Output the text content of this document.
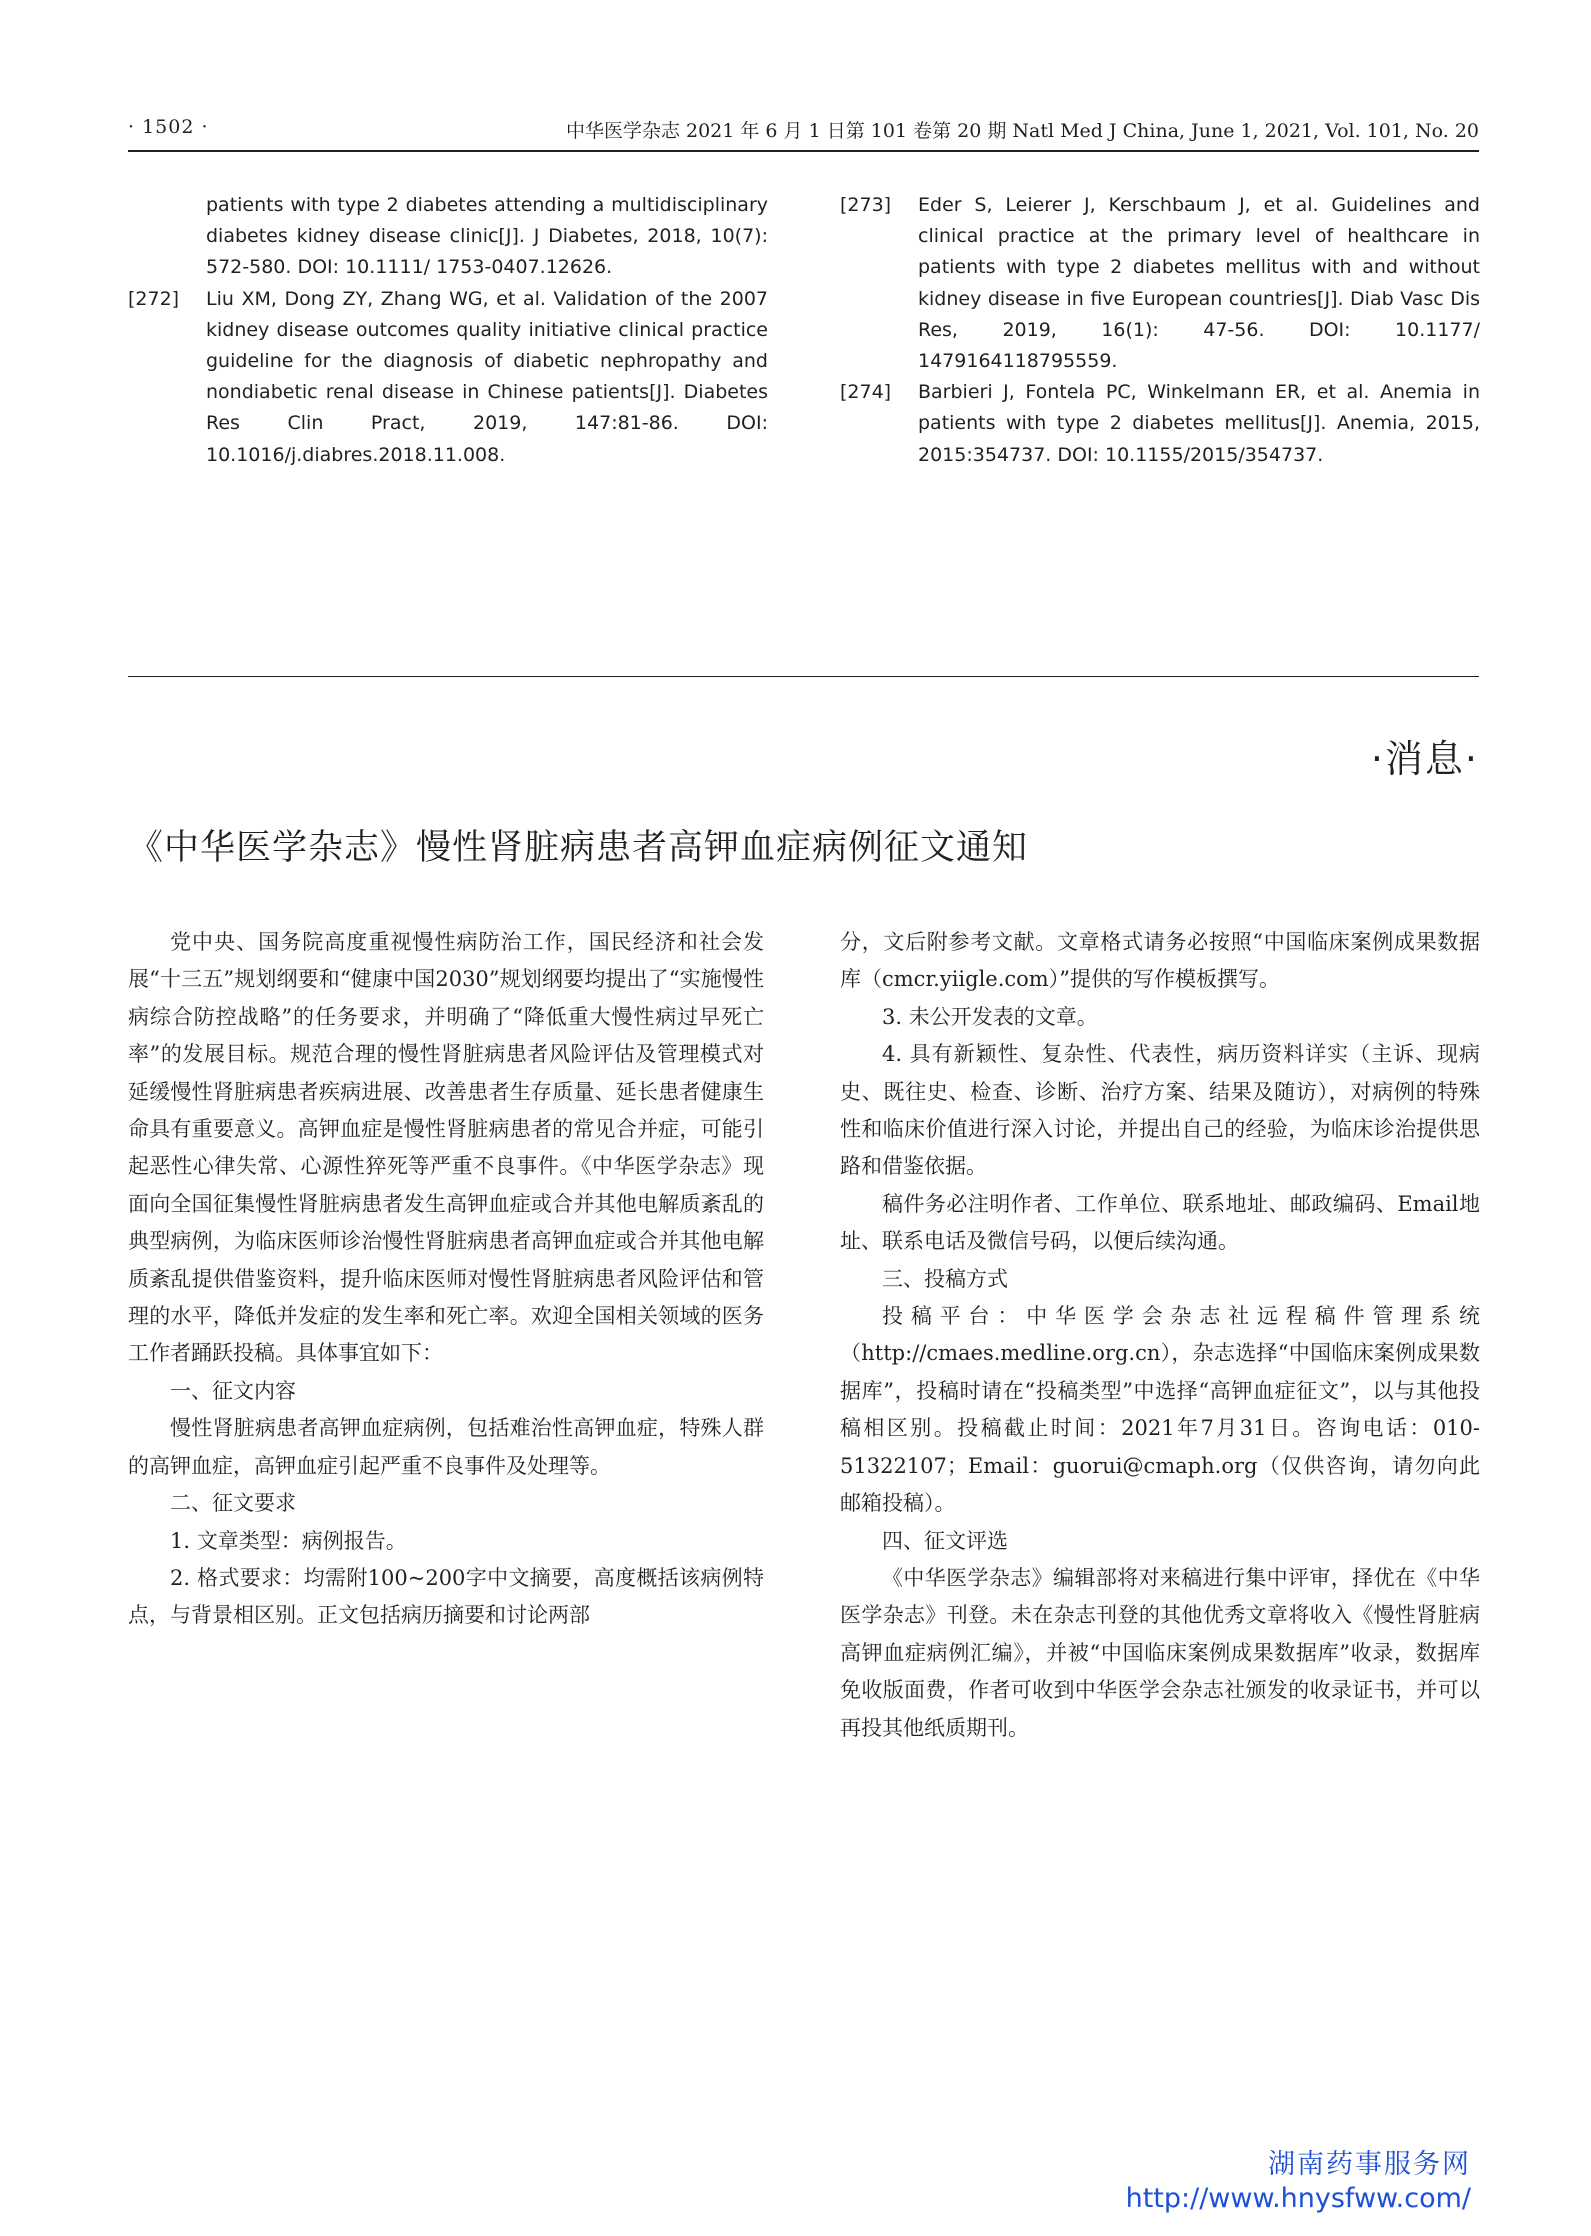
· 1502 ·	中华医学杂志 2021 年 6 月 1 日第 101 卷第 20 期 Natl Med J China, June 1, 2021, Vol. 101, No. 20

patients with type 2 diabetes attending a multidisciplinary diabetes kidney disease clinic[J]. J Diabetes, 2018, 10(7): 572-580. DOI: 10.1111/ 1753-0407.12626.

[272] Liu XM, Dong ZY, Zhang WG, et al. Validation of the 2007 kidney disease outcomes quality initiative clinical practice guideline for the diagnosis of diabetic nephropathy and nondiabetic renal disease in Chinese patients[J]. Diabetes Res Clin Pract, 2019, 147:81-86. DOI: 10.1016/j.diabres.2018.11.008.

[273] Eder S, Leierer J, Kerschbaum J, et al. Guidelines and clinical practice at the primary level of healthcare in patients with type 2 diabetes mellitus with and without kidney disease in five European countries[J]. Diab Vasc Dis Res, 2019, 16(1): 47-56. DOI: 10.1177/ 1479164118795559.

[274] Barbieri J, Fontela PC, Winkelmann ER, et al. Anemia in patients with type 2 diabetes mellitus[J]. Anemia, 2015, 2015:354737. DOI: 10.1155/2015/354737.

·消息·
《中华医学杂志》慢性肾脏病患者高钾血症病例征文通知

党中央、国务院高度重视慢性病防治工作，国民经济和社会发展“十三五”规划纲要和“健康中国2030”规划纲要均提出了“实施慢性病综合防控战略”的任务要求，并明确了“降低重大慢性病过早死亡率”的发展目标。规范合理的慢性肾脏病患者风险评估及管理模式对延缓慢性肾脏病患者疾病进展、改善患者生存质量、延长患者健康生命具有重要意义。高钾血症是慢性肾脏病患者的常见合并症，可能引起恶性心律失常、心源性猝死等严重不良事件。《中华医学杂志》现面向全国征集慢性肾脏病患者发生高钾血症或合并其他电解质紊乱的典型病例，为临床医师诊治慢性肾脏病患者高钾血症或合并其他电解质紊乱提供借鉴资料，提升临床医师对慢性肾脏病患者风险评估和管理的水平，降低并发症的发生率和死亡率。欢迎全国相关领域的医务工作者踊跃投稿。具体事宜如下：

一、征文内容

慢性肾脏病患者高钾血症病例，包括难治性高钾血症，特殊人群的高钾血症，高钾血症引起严重不良事件及处理等。

二、征文要求

1. 文章类型：病例报告。

2. 格式要求：均需附100~200字中文摘要，高度概括该病例特点，与背景相区别。正文包括病历摘要和讨论两部

分，文后附参考文献。文章格式请务必按照“中国临床案例成果数据库（cmcr.yiigle.com）”提供的写作模板撰写。

3. 未公开发表的文章。

4. 具有新颖性、复杂性、代表性，病历资料详实（主诉、现病史、既往史、检查、诊断、治疗方案、结果及随访），对病例的特殊性和临床价值进行深入讨论，并提出自己的经验，为临床诊治提供思路和借鉴依据。

稿件务必注明作者、工作单位、联系地址、邮政编码、Email地址、联系电话及微信号码，以便后续沟通。

三、投稿方式

投稿平台：中华医学会杂志社远程稿件管理系统（http://cmaes.medline.org.cn），杂志选择“中国临床案例成果数据库”，投稿时请在“投稿类型”中选择“高钾血症征文”，以与其他投稿相区别。投稿截止时间：2021年7月31日。咨询电话：010-51322107；Email：guorui@cmaph.org（仅供咨询，请勿向此邮箱投稿）。

四、征文评选

《中华医学杂志》编辑部将对来稿进行集中评审，择优在《中华医学杂志》刊登。未在杂志刊登的其他优秀文章将收入《慢性肾脏病高钾血症病例汇编》，并被“中国临床案例成果数据库”收录，数据库免收版面费，作者可收到中华医学会杂志社颁发的收录证书，并可以再投其他纸质期刊。

湖南药事服务网
http://www.hnysfww.com/
